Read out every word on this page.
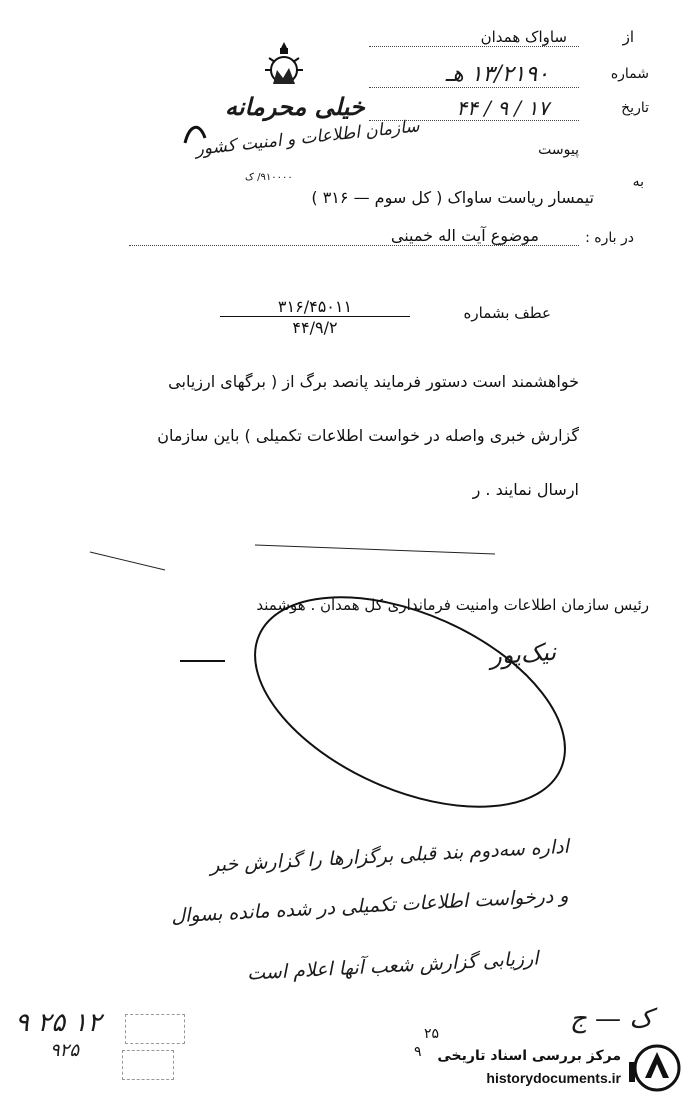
از
ساواک همدان
شماره
۱۳/۲۱۹۰ هـ
تاریخ
۱۷ / ۹ / ۴۴
خیلی محرمانه
سازمان اطلاعات و امنیت کشور	پیوست
۹۱۰۰۰۰/ ک	به
تیمسار ریاست ساواک ( کل سوم — ۳۱۶ )
در باره :
موضوع آیت اله خمینی
عطف بشماره
۳۱۶/۴۵۰۱۱
۴۴/۹/۲
خواهشمند است دستور فرمایند پانصد برگ از ( برگهای ارزیابی
گزارش خبری واصله در خواست اطلاعات تکمیلی ) باین سازمان
ارسال نمایند . ر
رئیس سازمان اطلاعات وامنیت فرمانداری کل همدان . هوشمند
نیک‌پور
اداره سه‌دوم بند قبلی برگزارها را گزارش خبر
و درخواست اطلاعات تکمیلی در شده مانده بسوال
ارزیابی گزارش شعب آنها اعلام است
ک — ج
۹ ۲۵ ۱۲
۹۲۵
۲۵
۹ مرکز بررسی اسناد تاریخی
historydocuments.ir
